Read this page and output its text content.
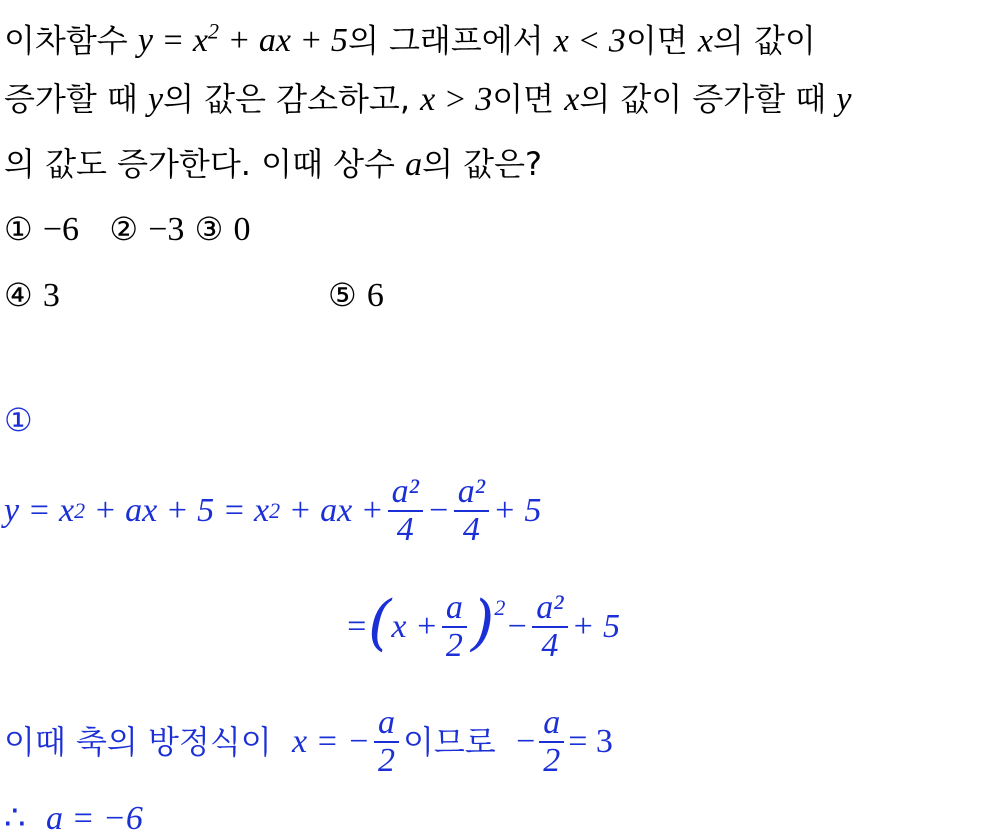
이차함수 $y = x^2$ + ax + 5의 그래프에서 x < 3이면 x의 값이
증가할 때 y의 값은 감소하고, x > 3이면 x의 값이 증가할 때 y
의 값도 증가한다. 이때 상수 a의 값은?
① −6 ② −3 ③ 0
④ 3	⑤ 6
①
y = x 2
+ ax + 5 = x 2
+ ax + $\frac{\text{a²}}{4} - \frac{\text{a²}}{4} + 5$
= ( $x + \frac{a}{2} )^2$
− $\frac{\text{a²}}{4} + 5$
이때 축의 방정식이
x = − $\frac{a}{2}$ 이므로
− $\frac{a}{2} = 3$
∴ a = −6
